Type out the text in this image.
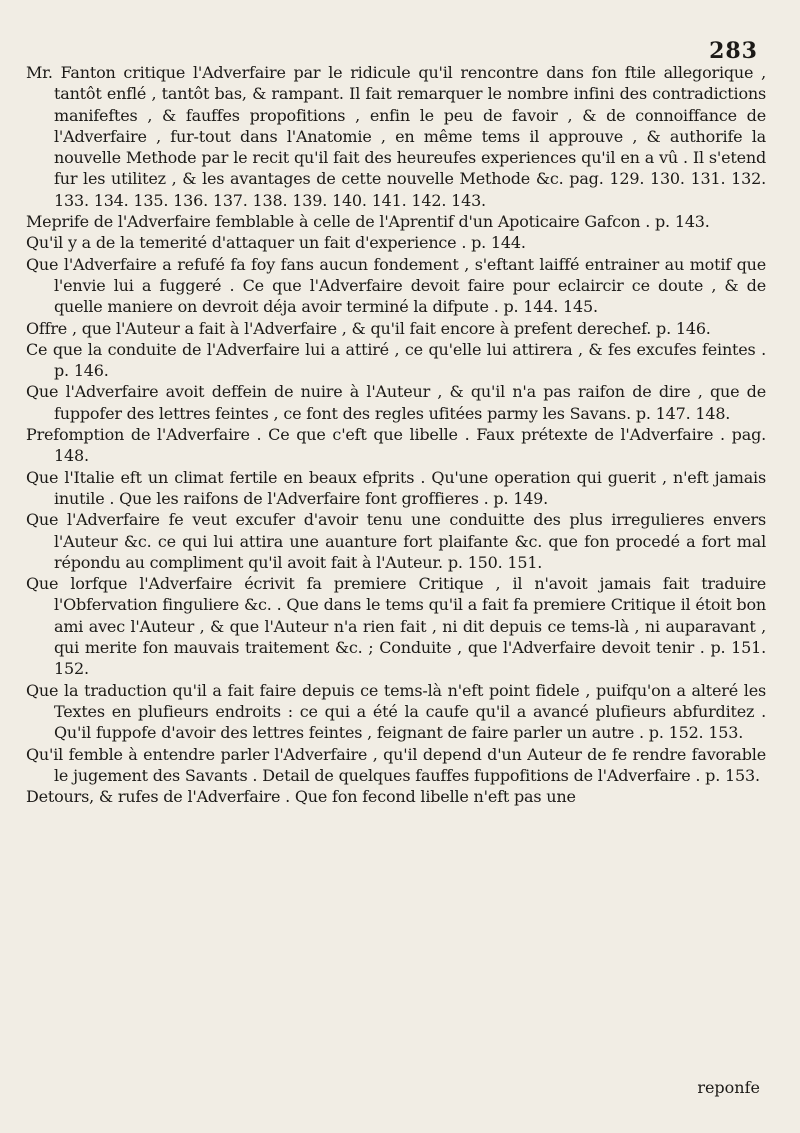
283

Mr. Fanton critique l'Adverfaire par le ridicule qu'il rencontre dans fon ftile allegorique , tantôt enflé , tantôt bas, & rampant. Il fait remarquer le nombre infini des contradictions manifeftes , & fauffes propofitions , enfin le peu de favoir , & de connoiffance de l'Adverfaire , fur-tout dans l'Anatomie , en même tems il approuve , & authorife la nouvelle Methode par le recit qu'il fait des heureufes experiences qu'il en a vû . Il s'etend fur les utilitez , & les avantages de cette nouvelle Methode &c. pag. 129. 130. 131. 132. 133. 134. 135. 136. 137. 138. 139. 140. 141. 142. 143.

Meprife de l'Adverfaire femblable à celle de l'Aprentif d'un Apoticaire Gafcon . p. 143.

Qu'il y a de la temerité d'attaquer un fait d'experience . p. 144.

Que l'Adverfaire a refufé fa foy fans aucun fondement , s'eftant laiffé entrainer au motif que l'envie lui a fuggeré . Ce que l'Adverfaire devoit faire pour eclaircir ce doute , & de quelle maniere on devroit déja avoir terminé la difpute . p. 144. 145.

Offre , que l'Auteur a fait à l'Adverfaire , & qu'il fait encore à prefent derechef. p. 146.

Ce que la conduite de l'Adverfaire lui a attiré , ce qu'elle lui attirera , & fes excufes feintes . p. 146.

Que l'Adverfaire avoit deffein de nuire à l'Auteur , & qu'il n'a pas raifon de dire , que de fuppofer des lettres feintes , ce font des regles ufitées parmy les Savans. p. 147. 148.

Prefomption de l'Adverfaire . Ce que c'eft que libelle . Faux prétexte de l'Adverfaire . pag. 148.

Que l'Italie eft un climat fertile en beaux efprits . Qu'une operation qui guerit , n'eft jamais inutile . Que les raifons de l'Adverfaire font groffieres . p. 149.

Que l'Adverfaire fe veut excufer d'avoir tenu une conduitte des plus irregulieres envers l'Auteur &c. ce qui lui attira une auanture fort plaifante &c. que fon procedé a fort mal répondu au compliment qu'il avoit fait à l'Auteur. p. 150. 151.

Que lorfque l'Adverfaire écrivit fa premiere Critique , il n'avoit jamais fait traduire l'Obfervation finguliere &c. . Que dans le tems qu'il a fait fa premiere Critique il étoit bon ami avec l'Auteur , & que l'Auteur n'a rien fait , ni dit depuis ce tems-là , ni auparavant , qui merite fon mauvais traitement &c. ; Conduite , que l'Adverfaire devoit tenir . p. 151. 152.

Que la traduction qu'il a fait faire depuis ce tems-là n'eft point fidele , puifqu'on a alteré les Textes en plufieurs endroits : ce qui a été la caufe qu'il a avancé plufieurs abfurditez . Qu'il fuppofe d'avoir des lettres feintes , feignant de faire parler un autre . p. 152. 153.

Qu'il femble à entendre parler l'Adverfaire , qu'il depend d'un Auteur de fe rendre favorable le jugement des Savants . Detail de quelques fauffes fuppofitions de l'Adverfaire . p. 153.

Detours, & rufes de l'Adverfaire . Que fon fecond libelle n'eft pas une

reponfe
